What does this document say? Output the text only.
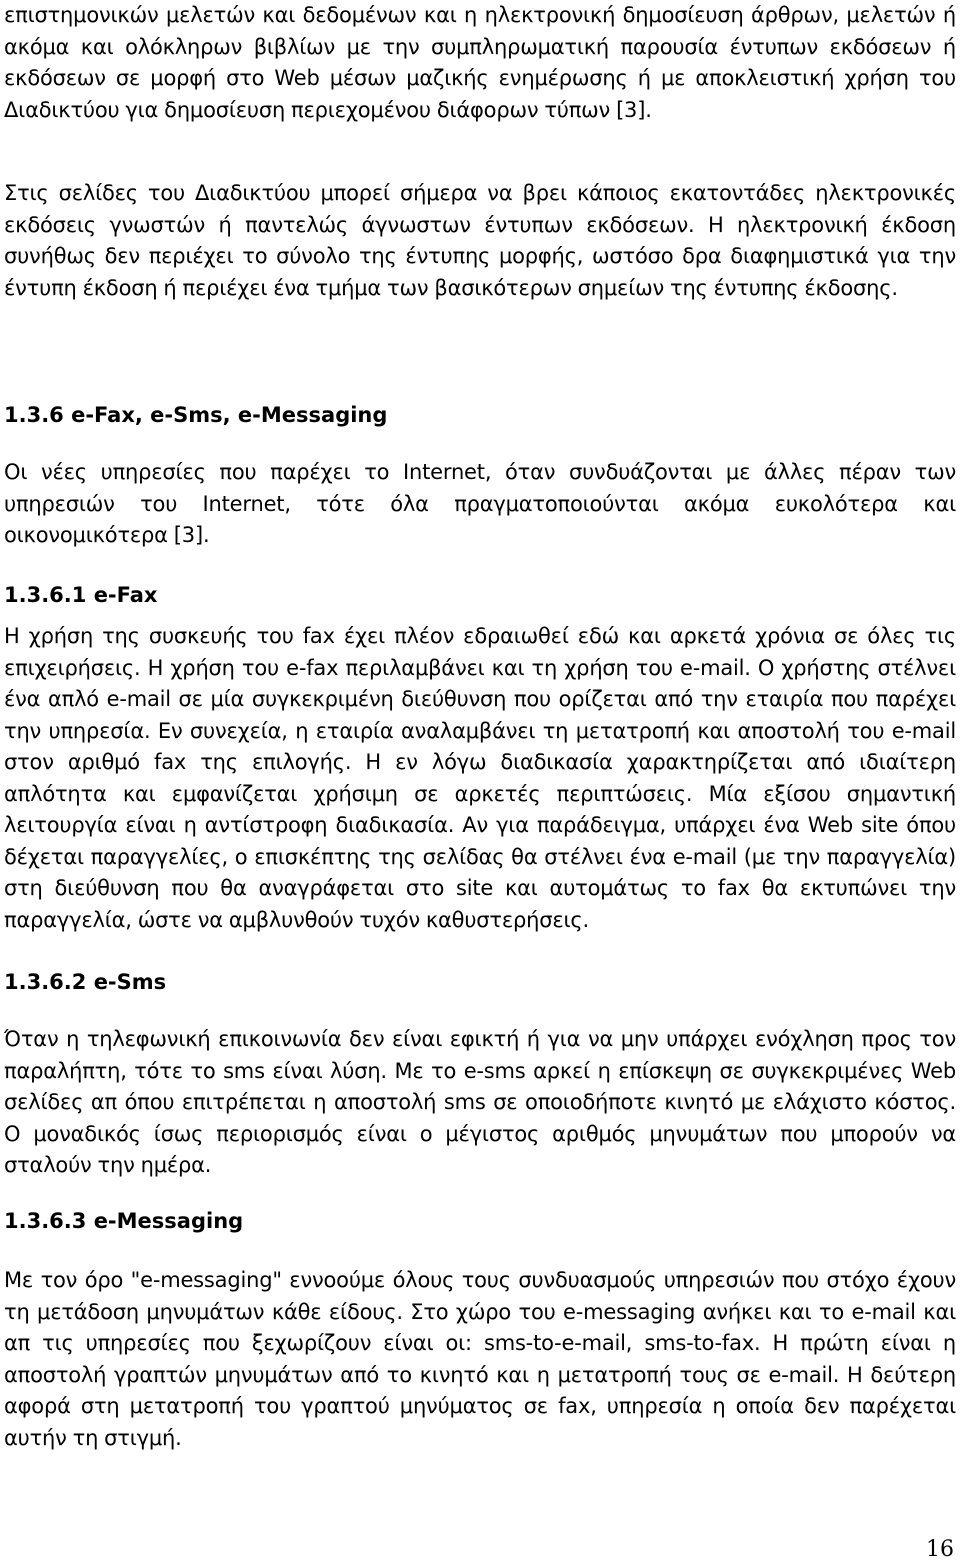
επιστημονικών μελετών και δεδομένων και η ηλεκτρονική δημοσίευση άρθρων, μελετών ή ακόμα και ολόκληρων βιβλίων με την συμπληρωματική παρουσία έντυπων εκδόσεων ή εκδόσεων σε μορφή στο Web μέσων μαζικής ενημέρωσης ή με αποκλειστική χρήση του Διαδικτύου για δημοσίευση περιεχομένου διάφορων τύπων [3].

Στις σελίδες του Διαδικτύου μπορεί σήμερα να βρει κάποιος εκατοντάδες ηλεκτρονικές εκδόσεις γνωστών ή παντελώς άγνωστων έντυπων εκδόσεων. Η ηλεκτρονική έκδοση συνήθως δεν περιέχει το σύνολο της έντυπης μορφής, ωστόσο δρα διαφημιστικά για την έντυπη έκδοση ή περιέχει ένα τμήμα των βασικότερων σημείων της έντυπης έκδοσης.

1.3.6 e-Fax, e-Sms, e-Messaging

Οι νέες υπηρεσίες που παρέχει το Internet, όταν συνδυάζονται με άλλες πέραν των υπηρεσιών του Internet, τότε όλα πραγματοποιούνται ακόμα ευκολότερα και οικονομικότερα [3].

1.3.6.1 e-Fax

Η χρήση της συσκευής του fax έχει πλέον εδραιωθεί εδώ και αρκετά χρόνια σε όλες τις επιχειρήσεις. Η χρήση του e-fax περιλαμβάνει και τη χρήση του e-mail. Ο χρήστης στέλνει ένα απλό e-mail σε μία συγκεκριμένη διεύθυνση που ορίζεται από την εταιρία που παρέχει την υπηρεσία. Εν συνεχεία, η εταιρία αναλαμβάνει τη μετατροπή και αποστολή του e-mail στον αριθμό fax της επιλογής. Η εν λόγω διαδικασία χαρακτηρίζεται από ιδιαίτερη απλότητα και εμφανίζεται χρήσιμη σε αρκετές περιπτώσεις. Μία εξίσου σημαντική λειτουργία είναι η αντίστροφη διαδικασία. Αν για παράδειγμα, υπάρχει ένα Web site όπου δέχεται παραγγελίες, ο επισκέπτης της σελίδας θα στέλνει ένα e-mail (με την παραγγελία) στη διεύθυνση που θα αναγράφεται στο site και αυτομάτως το fax θα εκτυπώνει την παραγγελία, ώστε να αμβλυνθούν τυχόν καθυστερήσεις.

1.3.6.2 e-Sms

Όταν η τηλεφωνική επικοινωνία δεν είναι εφικτή ή για να μην υπάρχει ενόχληση προς τον παραλήπτη, τότε το sms είναι λύση. Με το e-sms αρκεί η επίσκεψη σε συγκεκριμένες Web σελίδες απ όπου επιτρέπεται η αποστολή sms σε οποιοδήποτε κινητό με ελάχιστο κόστος. Ο μοναδικός ίσως περιορισμός είναι ο μέγιστος αριθμός μηνυμάτων που μπορούν να σταλούν την ημέρα.

1.3.6.3 e-Messaging

Με τον όρο "e-messaging" εννοούμε όλους τους συνδυασμούς υπηρεσιών που στόχο έχουν τη μετάδοση μηνυμάτων κάθε είδους. Στο χώρο του e-messaging ανήκει και το e-mail και απ τις υπηρεσίες που ξεχωρίζουν είναι οι: sms-to-e-mail, sms-to-fax. Η πρώτη είναι η αποστολή γραπτών μηνυμάτων από το κινητό και η μετατροπή τους σε e-mail. Η δεύτερη αφορά στη μετατροπή του γραπτού μηνύματος σε fax, υπηρεσία η οποία δεν παρέχεται αυτήν τη στιγμή.

16
